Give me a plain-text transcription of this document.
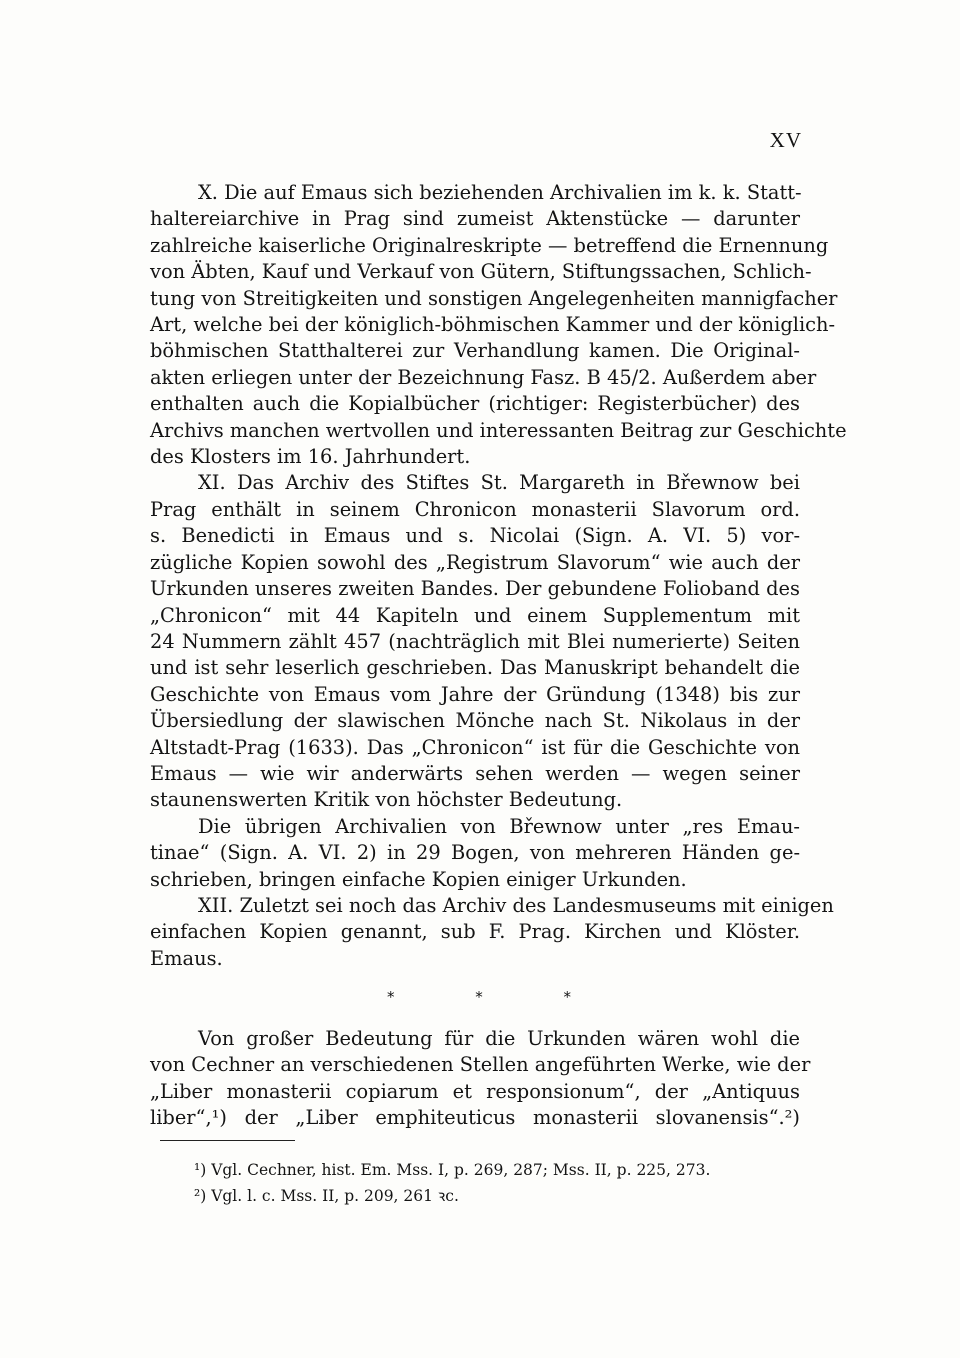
XV

X. Die auf Emaus sich beziehenden Archivalien im k. k. Statt-
haltereiarchive in Prag sind zumeist Aktenstücke — darunter
zahlreiche kaiserliche Originalreskripte — betreffend die Ernennung
von Äbten, Kauf und Verkauf von Gütern, Stiftungssachen, Schlich-
tung von Streitigkeiten und sonstigen Angelegenheiten mannigfacher
Art, welche bei der königlich-böhmischen Kammer und der königlich-
böhmischen Statthalterei zur Verhandlung kamen. Die Original-
akten erliegen unter der Bezeichnung Fasz. B 45/2. Außerdem aber
enthalten auch die Kopialbücher (richtiger: Registerbücher) des
Archivs manchen wertvollen und interessanten Beitrag zur Geschichte
des Klosters im 16. Jahrhundert.

XI. Das Archiv des Stiftes St. Margareth in Břewnow bei
Prag enthält in seinem Chronicon monasterii Slavorum ord.
s. Benedicti in Emaus und s. Nicolai (Sign. A. VI. 5) vor-
zügliche Kopien sowohl des „Registrum Slavorum“ wie auch der
Urkunden unseres zweiten Bandes. Der gebundene Folioband des
„Chronicon“ mit 44 Kapiteln und einem Supplementum mit
24 Nummern zählt 457 (nachträglich mit Blei numerierte) Seiten
und ist sehr leserlich geschrieben. Das Manuskript behandelt die
Geschichte von Emaus vom Jahre der Gründung (1348) bis zur
Übersiedlung der slawischen Mönche nach St. Nikolaus in der
Altstadt-Prag (1633). Das „Chronicon“ ist für die Geschichte von
Emaus — wie wir anderwärts sehen werden — wegen seiner
staunenswerten Kritik von höchster Bedeutung.

Die übrigen Archivalien von Břewnow unter „res Emau-
tinae“ (Sign. A. VI. 2) in 29 Bogen, von mehreren Händen ge-
schrieben, bringen einfache Kopien einiger Urkunden.

XII. Zuletzt sei noch das Archiv des Landesmuseums mit einigen
einfachen Kopien genannt, sub F. Prag. Kirchen und Klöster.
Emaus.

* * *

Von großer Bedeutung für die Urkunden wären wohl die
von Cechner an verschiedenen Stellen angeführten Werke, wie der
„Liber monasterii copiarum et responsionum“, der „Antiquus
liber“,¹) der „Liber emphiteuticus monasterii slovanensis“.²)

¹) Vgl. Cechner, hist. Em. Mss. I, p. 269, 287; Mss. II, p. 225, 273.
²) Vgl. l. c. Mss. II, p. 209, 261 ꝛc.
